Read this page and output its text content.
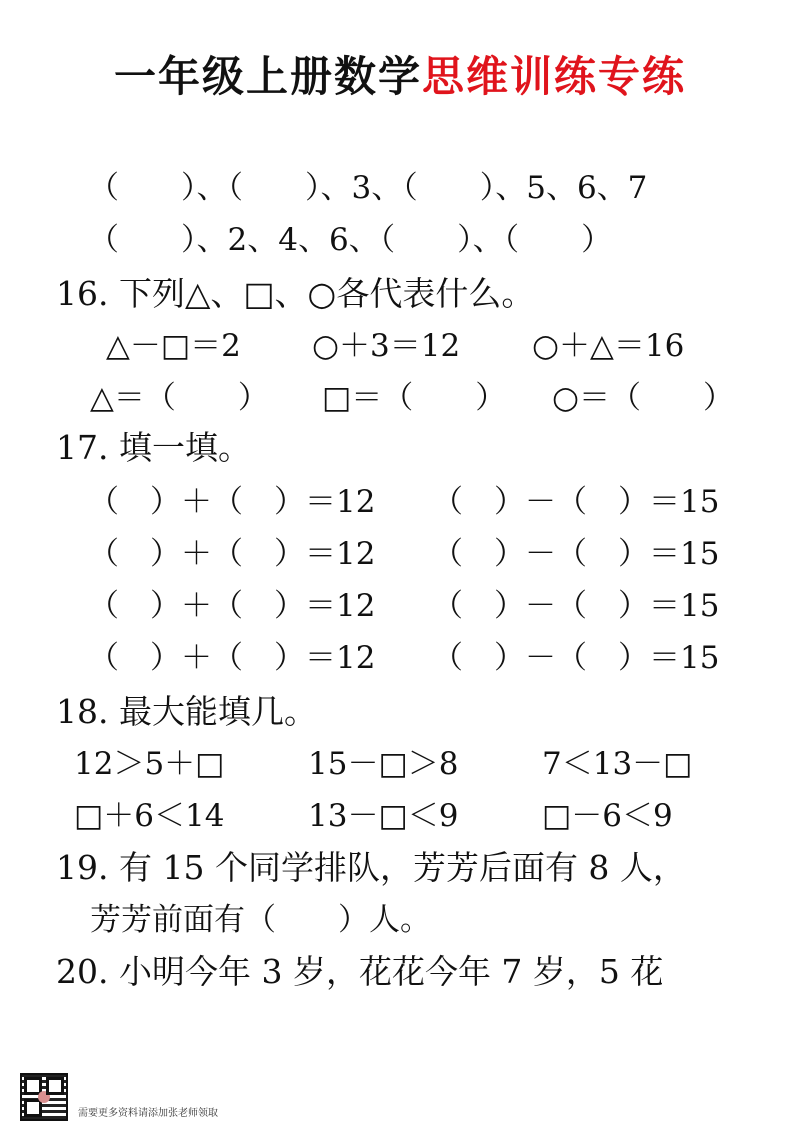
一年级上册数学思维训练专练
（　　）、（　　）、3、（　　）、5、6、7
（　　）、2、4、6、（　　）、（　　）
16. 下列△、□、○各代表什么。
△－□＝2 ○＋3＝12 ○＋△＝16
△＝（　　） □＝（　　） ○＝（　　）
17. 填一填。
（　）＋（　）＝12 （　）－（　）＝15
（　）＋（　）＝12 （　）－（　）＝15
（　）＋（　）＝12 （　）－（　）＝15
（　）＋（　）＝12 （　）－（　）＝15
18. 最大能填几。
12＞5＋□	15－□＞8	7＜13－□
□＋6＜14	13－□＜9	□－6＜9
19. 有 15 个同学排队，芳芳后面有 8 人，
芳芳前面有（　　）人。
20. 小明今年 3 岁，花花今年 7 岁，5 花
需要更多资料请添加张老师领取
